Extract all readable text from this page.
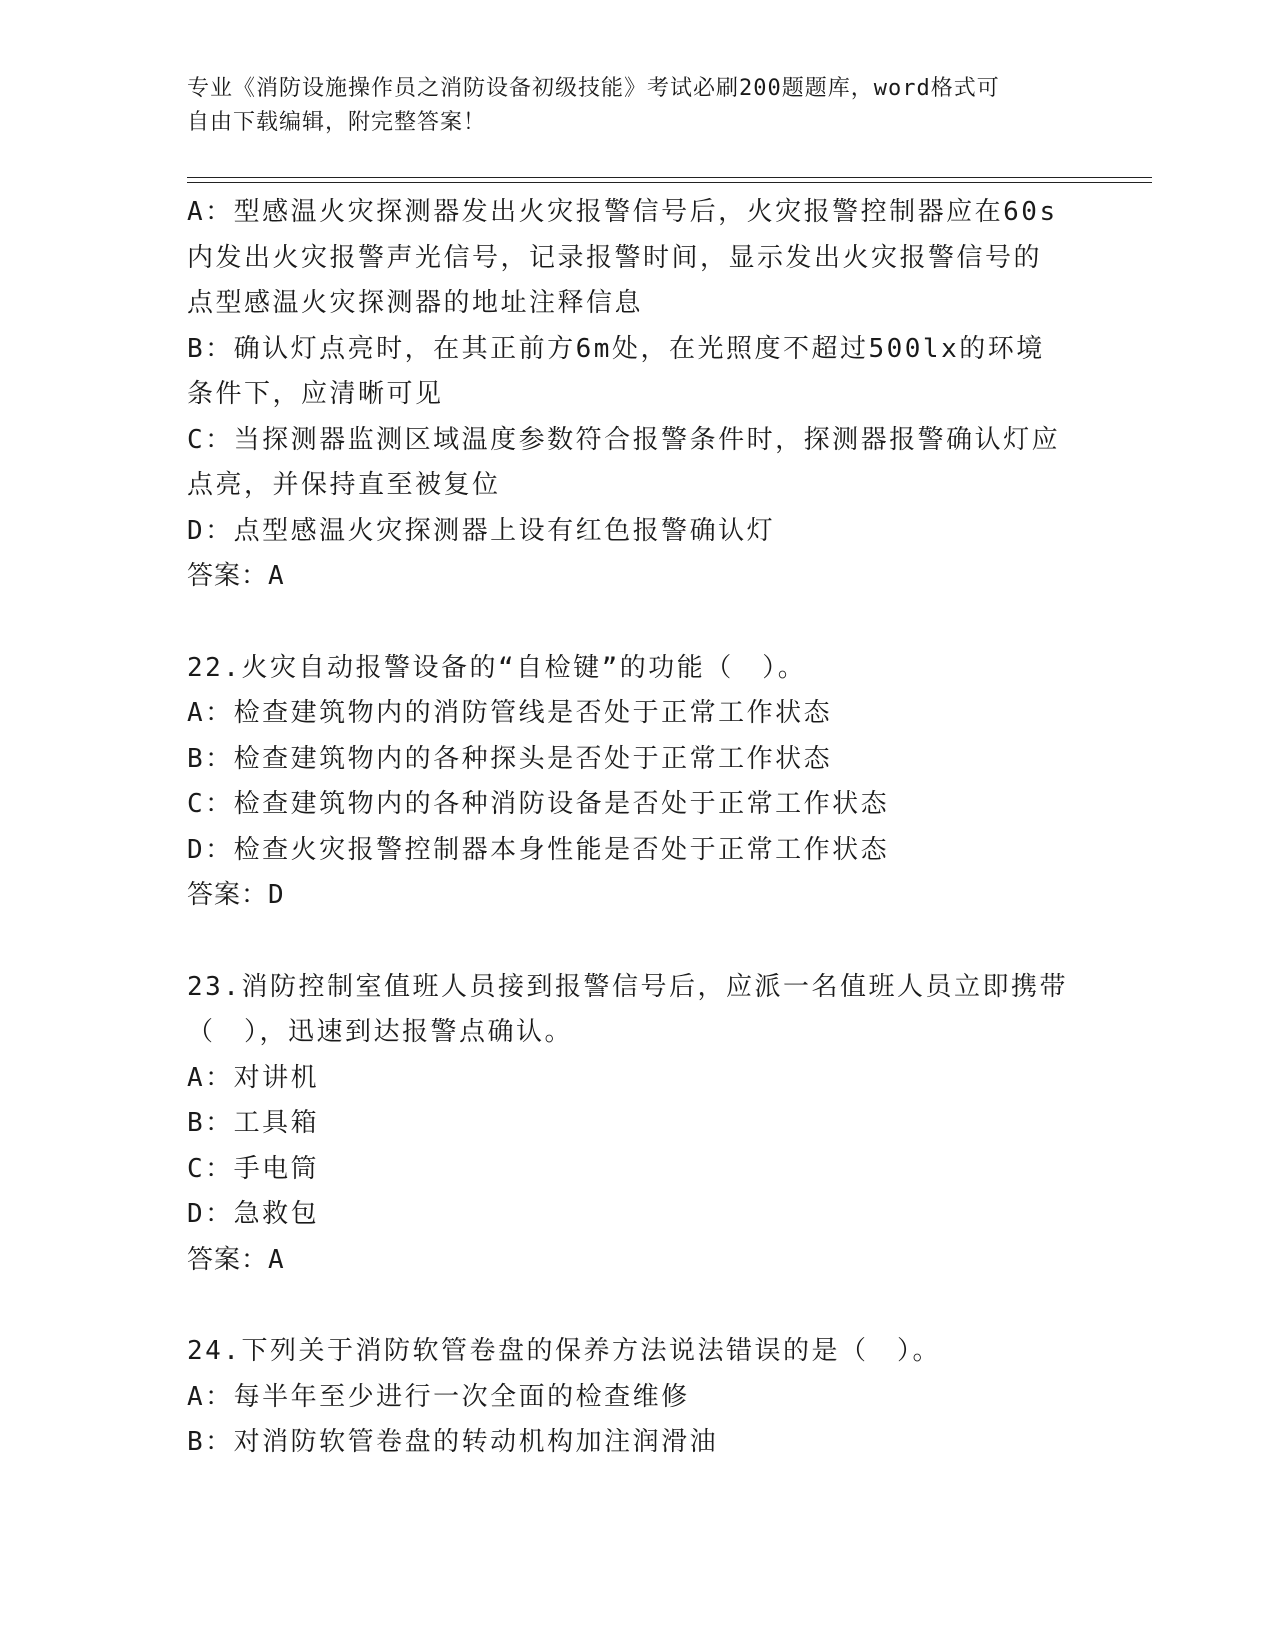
专业《消防设施操作员之消防设备初级技能》考试必刷200题题库，word格式可
自由下载编辑，附完整答案！
A：型感温火灾探测器发出火灾报警信号后，火灾报警控制器应在60s
内发出火灾报警声光信号，记录报警时间，显示发出火灾报警信号的
点型感温火灾探测器的地址注释信息
B：确认灯点亮时，在其正前方6m处，在光照度不超过500lx的环境
条件下，应清晰可见
C：当探测器监测区域温度参数符合报警条件时，探测器报警确认灯应
点亮，并保持直至被复位
D：点型感温火灾探测器上设有红色报警确认灯
答案：A
22.火灾自动报警设备的“自检键”的功能（　）。
A：检查建筑物内的消防管线是否处于正常工作状态
B：检查建筑物内的各种探头是否处于正常工作状态
C：检查建筑物内的各种消防设备是否处于正常工作状态
D：检查火灾报警控制器本身性能是否处于正常工作状态
答案：D
23.消防控制室值班人员接到报警信号后，应派一名值班人员立即携带
（　），迅速到达报警点确认。
A：对讲机
B：工具箱
C：手电筒
D：急救包
答案：A
24.下列关于消防软管卷盘的保养方法说法错误的是（　）。
A：每半年至少进行一次全面的检查维修
B：对消防软管卷盘的转动机构加注润滑油
